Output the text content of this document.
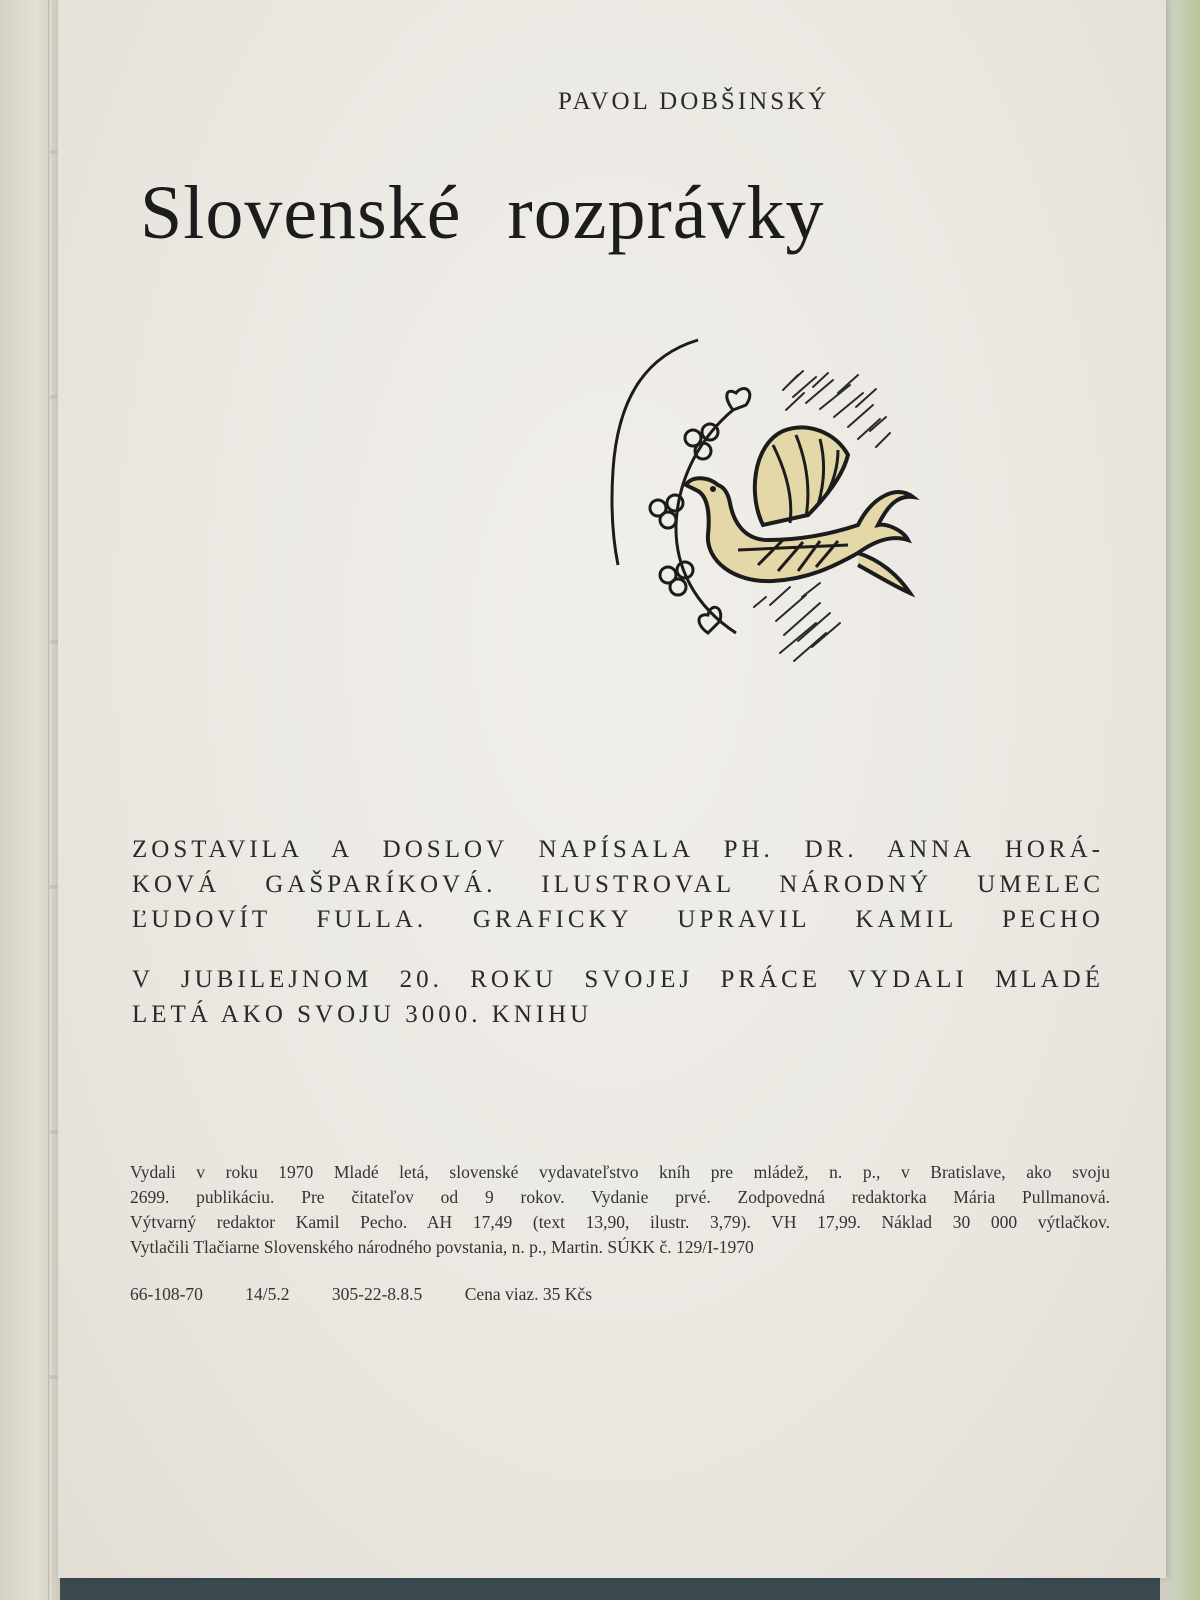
PAVOL DOBŠINSKÝ
Slovenské rozprávky
ZOSTAVILA A DOSLOV NAPÍSALA PH. DR. ANNA HORÁ-
KOVÁ GAŠPARÍKOVÁ. ILUSTROVAL NÁRODNÝ UMELEC
ĽUDOVÍT FULLA. GRAFICKY UPRAVIL KAMIL PECHO
V JUBILEJNOM 20. ROKU SVOJEJ PRÁCE VYDALI MLADÉ
LETÁ AKO SVOJU 3000. KNIHU
Vydali v roku 1970 Mladé letá, slovenské vydavateľstvo kníh pre mládež, n. p., v Bratislave, ako svoju
2699. publikáciu. Pre čitateľov od 9 rokov. Vydanie prvé. Zodpovedná redaktorka Mária Pullmanová.
Výtvarný redaktor Kamil Pecho. AH 17,49 (text 13,90, ilustr. 3,79). VH 17,99. Náklad 30 000 výtlačkov.
Vytlačili Tlačiarne Slovenského národného povstania, n. p., Martin. SÚKK č. 129/I-1970
66-108-70 14/5.2 305-22-8.8.5 Cena viaz. 35 Kčs
